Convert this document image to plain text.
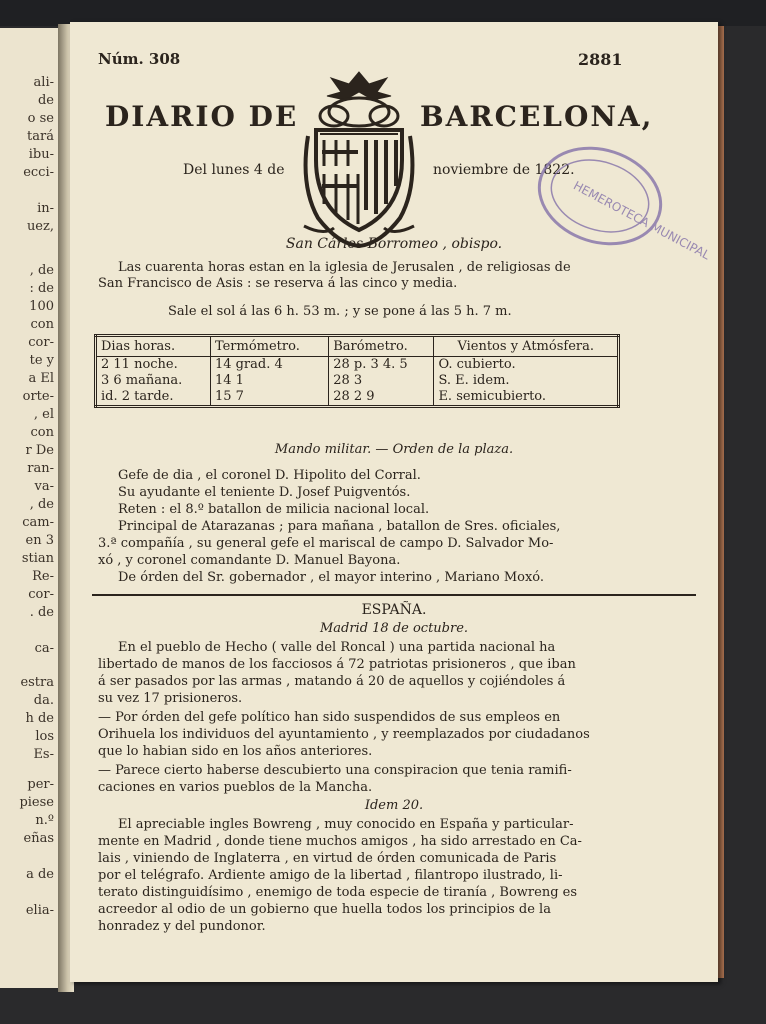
ali-
de
o se
tará
ibu-
ecci-
in-
uez,
, de
: de
100
con
cor-
te y
a El
orte-
, el
con
r De
ran-
va-
, de
cam-
en 3
stian
Re-
cor-
. de
ca-
estra
da.
h de
los
Es-
per-
piese
n.º
eñas
a de
elia-
Núm. 308	2881
DIARIO DE	BARCELONA,
Del lunes 4 de	noviembre de 1822.
HEMEROTECA MUNICIPAL
San Cárlos Borromeo , obispo.
Las cuarenta horas estan en la iglesia de Jerusalen , de religiosas de
San Francisco de Asis : se reserva á las cinco y media.
Sale el sol á las 6 h. 53 m. ; y se pone á las 5 h. 7 m.
Dias horas.	Termómetro.	Barómetro.	Vientos y Atmósfera.
2 11 noche.	14 grad. 4	28 p. 3 4. 5	O. cubierto.
3 6 mañana.	14 1	28 3	S. E. idem.
id. 2 tarde.	15 7	28 2 9	E. semicubierto.
Mando militar. — Orden de la plaza.
Gefe de dia , el coronel D. Hipolito del Corral.
Su ayudante el teniente D. Josef Puigventós.
Reten : el 8.º batallon de milicia nacional local.
Principal de Atarazanas ; para mañana , batallon de Sres. oficiales,
3.ª compañía , su general gefe el mariscal de campo D. Salvador Mo-
xó , y coronel comandante D. Manuel Bayona.
De órden del Sr. gobernador , el mayor interino , Mariano Moxó.
ESPAÑA.
Madrid 18 de octubre.
En el pueblo de Hecho ( valle del Roncal ) una partida nacional ha
libertado de manos de los facciosos á 72 patriotas prisioneros , que iban
á ser pasados por las armas , matando á 20 de aquellos y cojiéndoles á
su vez 17 prisioneros.
— Por órden del gefe político han sido suspendidos de sus empleos en
Orihuela los individuos del ayuntamiento , y reemplazados por ciudadanos
que lo habian sido en los años anteriores.
— Parece cierto haberse descubierto una conspiracion que tenia ramifi-
caciones en varios pueblos de la Mancha.
Idem 20.
El apreciable ingles Bowreng , muy conocido en España y particular-
mente en Madrid , donde tiene muchos amigos , ha sido arrestado en Ca-
lais , viniendo de Inglaterra , en virtud de órden comunicada de Paris
por el telégrafo. Ardiente amigo de la libertad , filantropo ilustrado, li-
terato distinguidísimo , enemigo de toda especie de tiranía , Bowreng es
acreedor al odio de un gobierno que huella todos los principios de la
honradez y del pundonor.
